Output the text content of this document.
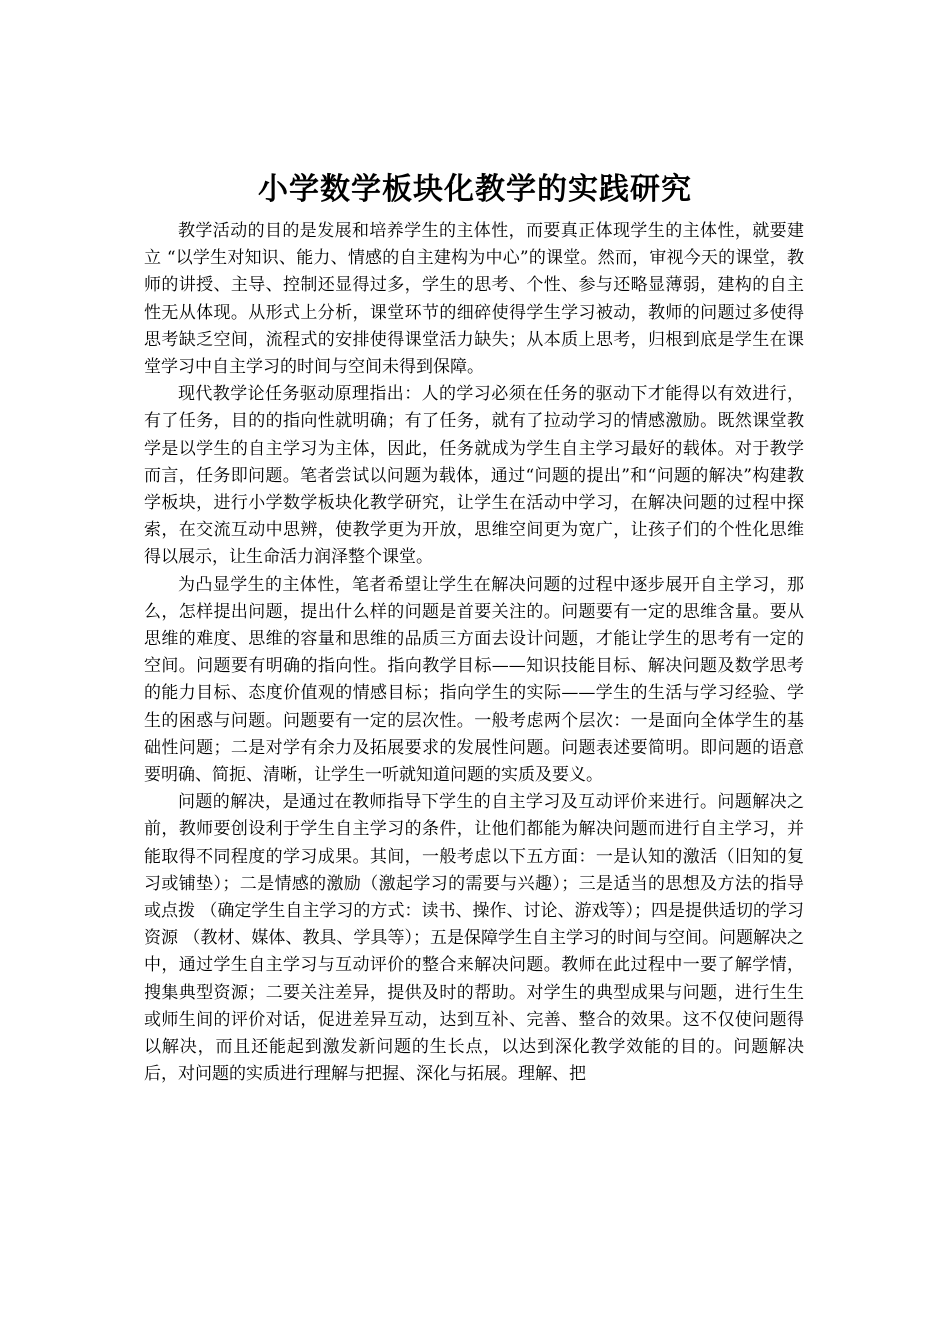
小学数学板块化教学的实践研究

教学活动的目的是发展和培养学生的主体性，而要真正体现学生的主体性，就要建立 “以学生对知识、能力、情感的自主建构为中心”的课堂。然而，审视今天的课堂，教师的讲授、主导、控制还显得过多，学生的思考、个性、参与还略显薄弱，建构的自主性无从体现。从形式上分析，课堂环节的细碎使得学生学习被动，教师的问题过多使得思考缺乏空间，流程式的安排使得课堂活力缺失；从本质上思考，归根到底是学生在课堂学习中自主学习的时间与空间未得到保障。

现代教学论任务驱动原理指出：人的学习必须在任务的驱动下才能得以有效进行，有了任务，目的的指向性就明确；有了任务，就有了拉动学习的情感激励。既然课堂教学是以学生的自主学习为主体，因此，任务就成为学生自主学习最好的载体。对于教学而言，任务即问题。笔者尝试以问题为载体，通过“问题的提出”和“问题的解决”构建教学板块，进行小学数学板块化教学研究，让学生在活动中学习，在解决问题的过程中探索，在交流互动中思辨，使教学更为开放，思维空间更为宽广，让孩子们的个性化思维得以展示，让生命活力润泽整个课堂。

为凸显学生的主体性，笔者希望让学生在解决问题的过程中逐步展开自主学习，那么，怎样提出问题，提出什么样的问题是首要关注的。问题要有一定的思维含量。要从思维的难度、思维的容量和思维的品质三方面去设计问题，才能让学生的思考有一定的空间。问题要有明确的指向性。指向教学目标——知识技能目标、解决问题及数学思考的能力目标、态度价值观的情感目标；指向学生的实际——学生的生活与学习经验、学生的困惑与问题。问题要有一定的层次性。一般考虑两个层次：一是面向全体学生的基础性问题；二是对学有余力及拓展要求的发展性问题。问题表述要简明。即问题的语意要明确、简扼、清晰，让学生一听就知道问题的实质及要义。

问题的解决，是通过在教师指导下学生的自主学习及互动评价来进行。问题解决之前，教师要创设利于学生自主学习的条件，让他们都能为解决问题而进行自主学习，并能取得不同程度的学习成果。其间，一般考虑以下五方面：一是认知的激活（旧知的复习或铺垫）；二是情感的激励（激起学习的需要与兴趣）；三是适当的思想及方法的指导或点拨 （确定学生自主学习的方式：读书、操作、讨论、游戏等）；四是提供适切的学习资源 （教材、媒体、教具、学具等）；五是保障学生自主学习的时间与空间。问题解决之中，通过学生自主学习与互动评价的整合来解决问题。教师在此过程中一要了解学情，搜集典型资源；二要关注差异，提供及时的帮助。对学生的典型成果与问题，进行生生或师生间的评价对话，促进差异互动，达到互补、完善、整合的效果。这不仅使问题得以解决，而且还能起到激发新问题的生长点，以达到深化教学效能的目的。问题解决后，对问题的实质进行理解与把握、深化与拓展。理解、把
